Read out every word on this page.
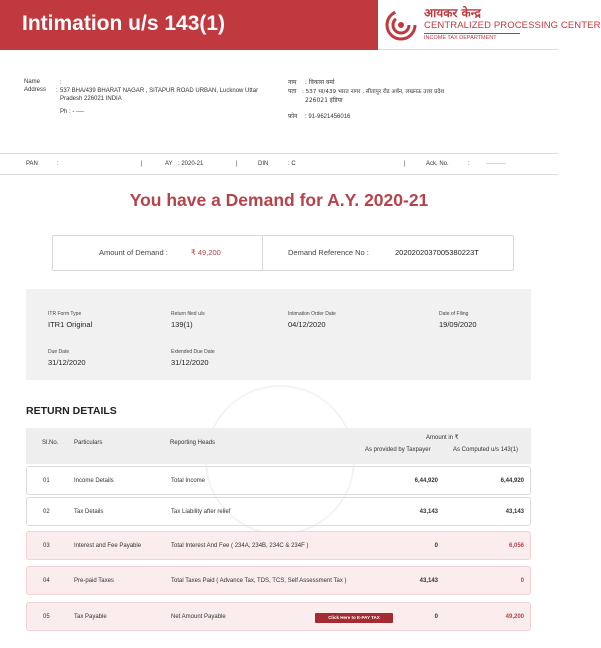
Intimation u/s 143(1)	आयकर केन्द्र
CENTRALIZED PROCESSING CENTER
INCOME TAX DEPARTMENT
Name	:
Address : 537 BHA/439 BHARAT NAGAR , SITAPUR ROAD URBAN, Lucknow Uttar
Pradesh 226021 INDIA
Ph : - ----
नाम : विकास वर्मा
पता : 537 भा/439 भारत नागर , सीतापुर रोड अर्बन, लखनऊ उत्तर प्रदेश
226021 इंडिया
फ़ोन : 91-9621456016
PAN	:	|	AY : 2020-21	|	DIN	: C	|	Ack. No.	:	----------
You have a Demand for A.Y. 2020-21
Amount of Demand :	₹ 49,200	Demand Reference No :	2020202037005380223T
ITR Form Type
ITR1 Original
Return filed u/s
139(1)
Intimation Order Date
04/12/2020
Date of Filing
19/09/2020
Due Date
31/12/2020
Extended Due Date
31/12/2020
RETURN DETAILS
Sl.No.	Particulars	Reporting Heads
Amount in ₹
As provided by Taxpayer	As Computed u/s 143(1)
01	Income Details	Total Income	6,44,920	6,44,920
02	Tax Details	Tax Liability after relief	43,143	43,143
03	Interest and Fee Payable	Total Interest And Fee ( 234A, 234B, 234C & 234F )	0	6,056
04	Pre-paid Taxes	Total Taxes Paid ( Advance Tax, TDS, TCS, Self Assessment Tax )	43,143	0
05	Tax Payable	Net Amount Payable	Click Here to E-PAY TAX	0	49,200
